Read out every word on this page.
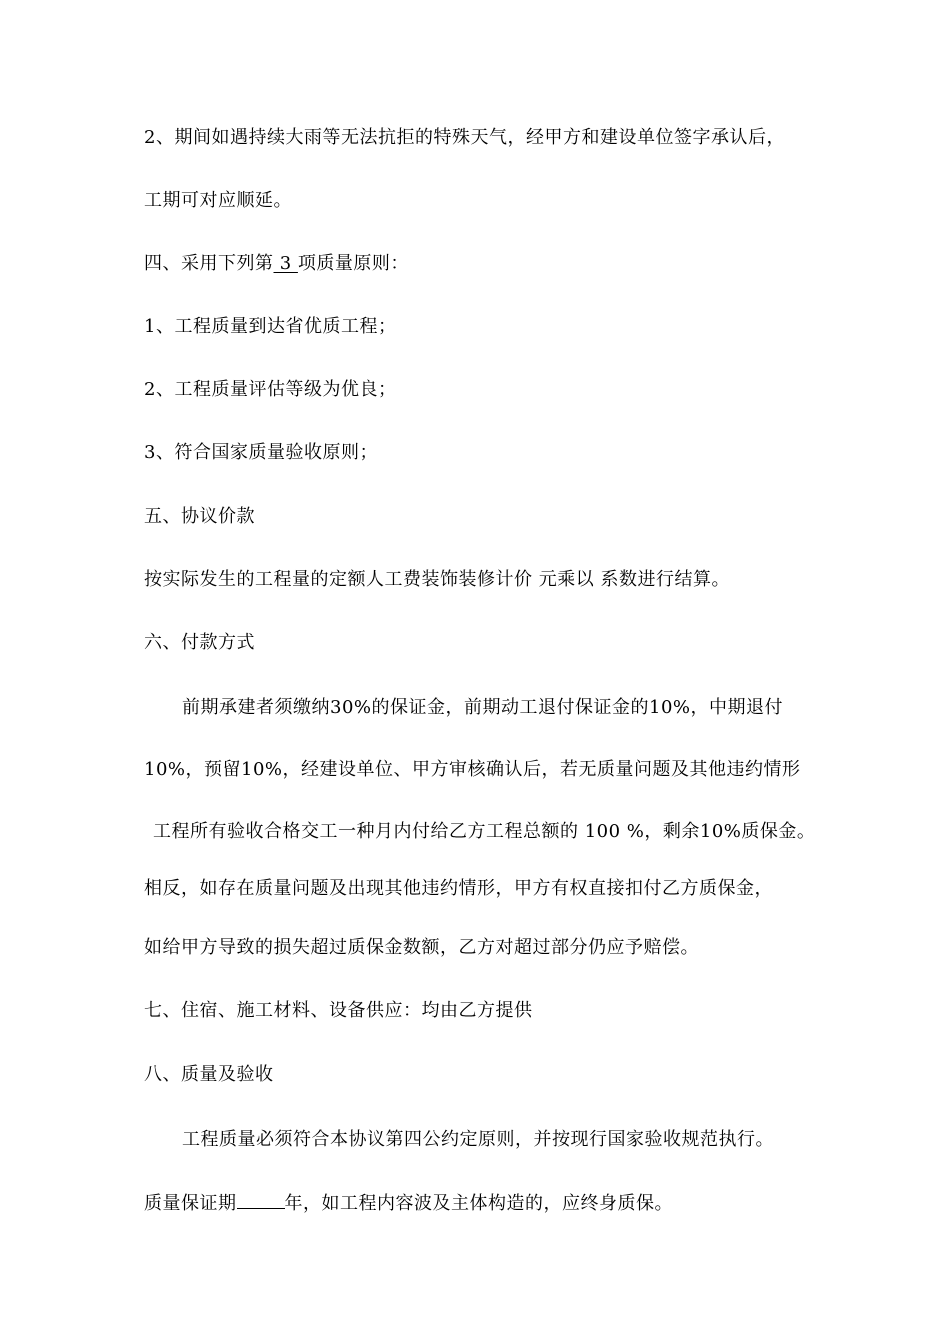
2、期间如遇持续大雨等无法抗拒的特殊天气，经甲方和建设单位签字承认后，
工期可对应顺延。
四、采用下列第 3 项质量原则：
1、工程质量到达省优质工程；
2、工程质量评估等级为优良；
3、符合国家质量验收原则；
五、协议价款
按实际发生的工程量的定额人工费装饰装修计价 元乘以 系数进行结算。
六、付款方式
前期承建者须缴纳30%的保证金，前期动工退付保证金的10%，中期退付
10%，预留10%，经建设单位、甲方审核确认后，若无质量问题及其他违约情形
工程所有验收合格交工一种月内付给乙方工程总额的 100 %，剩余10%质保金。
相反，如存在质量问题及出现其他违约情形，甲方有权直接扣付乙方质保金，
如给甲方导致的损失超过质保金数额，乙方对超过部分仍应予赔偿。
七、住宿、施工材料、设备供应：均由乙方提供
八、质量及验收
工程质量必须符合本协议第四公约定原则，并按现行国家验收规范执行。
质量保证期	年，如工程内容波及主体构造的，应终身质保。
